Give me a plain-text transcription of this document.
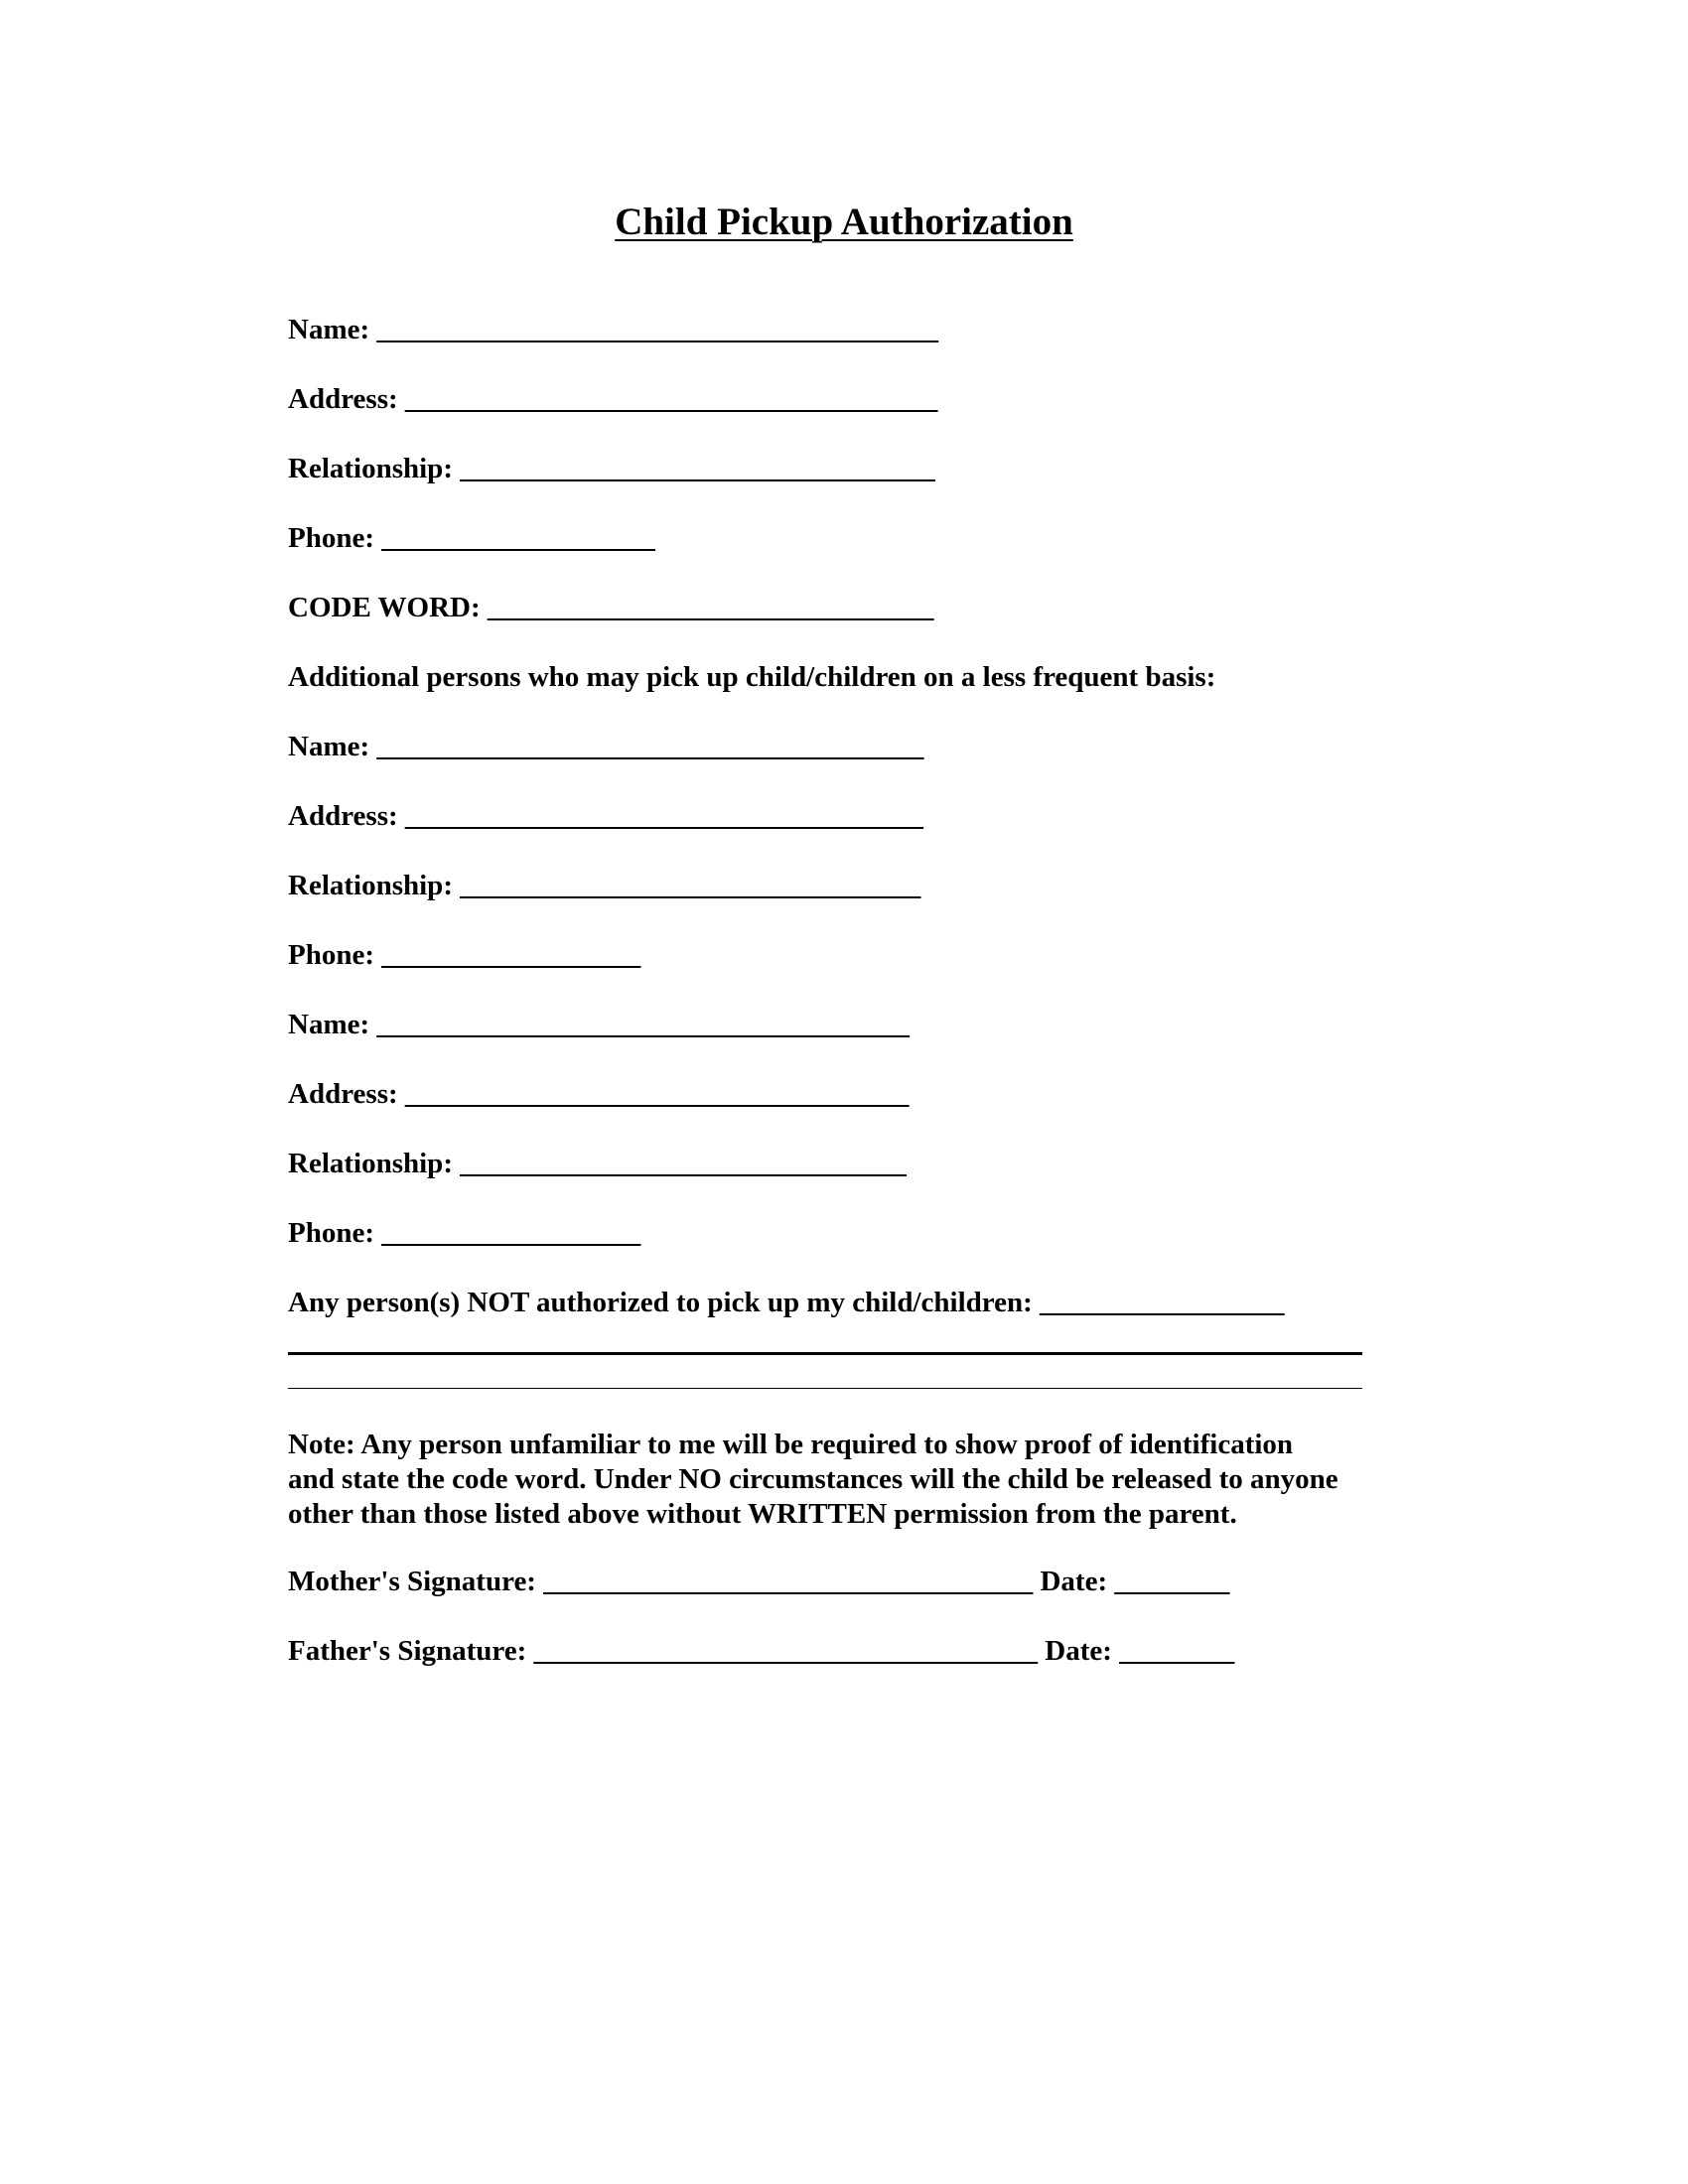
Child Pickup Authorization
Name: _______________________________________
Address: _____________________________________
Relationship: _________________________________
Phone: ___________________
CODE WORD: _______________________________
Additional persons who may pick up child/children on a less frequent basis:
Name: ______________________________________
Address: ____________________________________
Relationship: ________________________________
Phone: __________________
Name: _____________________________________
Address: ___________________________________
Relationship: _______________________________
Phone: __________________
Any person(s) NOT authorized to pick up my child/children: _________________
Note: Any person unfamiliar to me will be required to show proof of identification
and state the code word. Under NO circumstances will the child be released to anyone
other than those listed above without WRITTEN permission from the parent.
Mother's Signature: __________________________________ Date: ________
Father's Signature: ___________________________________ Date: ________
